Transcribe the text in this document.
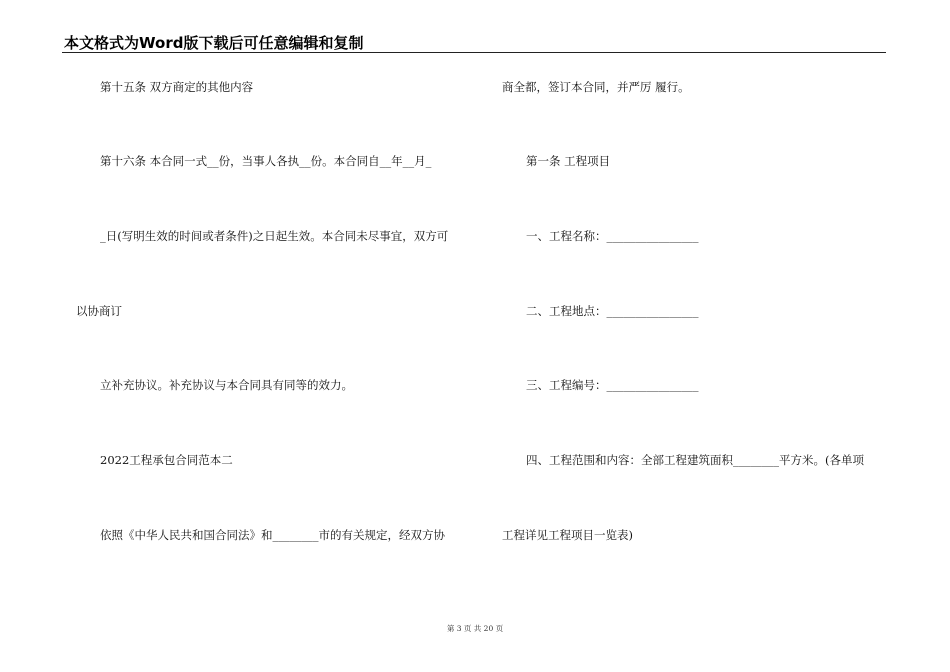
本文格式为Word版下载后可任意编辑和复制
第十五条 双方商定的其他内容
第十六条 本合同一式__份，当事人各执__份。本合同自__年__月_
_日(写明生效的时间或者条件)之日起生效。本合同未尽事宜，双方可
以协商订
立补充协议。补充协议与本合同具有同等的效力。
2022工程承包合同范本二
依照《中华人民共和国合同法》和________市的有关规定，经双方协
商全都，签订本合同，并严厉 履行。
第一条 工程项目
一、工程名称：________________
二、工程地点：________________
三、工程编号：________________
四、工程范围和内容：全部工程建筑面积________平方米。(各单项
工程详见工程项目一览表)
第 3 页 共 20 页
